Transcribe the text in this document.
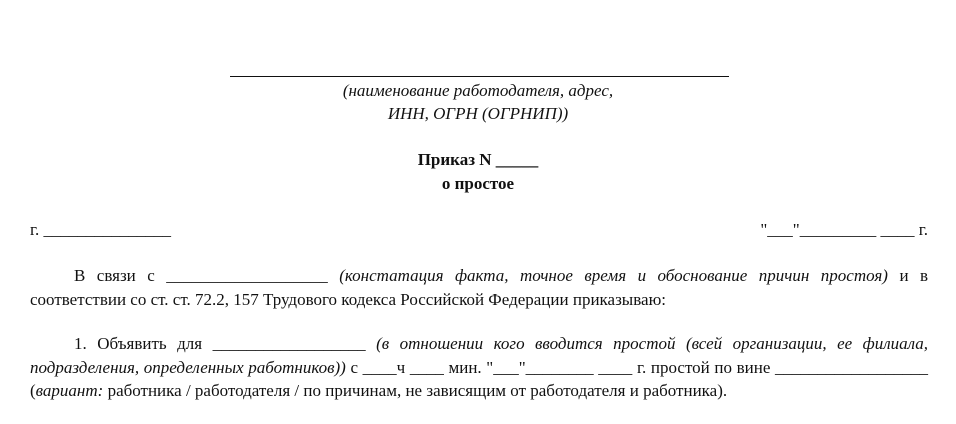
(наименование работодателя, адрес,
ИНН, ОГРН (ОГРНИП))
Приказ N _____
о простое
г. _______________	"___"_________ ____ г.
В связи с ___________________ (констатация факта, точное время и обоснование причин простоя) и в соответствии со ст. ст. 72.2, 157 Трудового кодекса Российской Федерации приказываю:
1. Объявить для __________________ (в отношении кого вводится простой (всей организации, ее филиала, подразделения, определенных работников)) с ____ч ____ мин. "___"________ ____ г. простой по вине __________________ (вариант: работника / работодателя / по причинам, не зависящим от работодателя и работника).
